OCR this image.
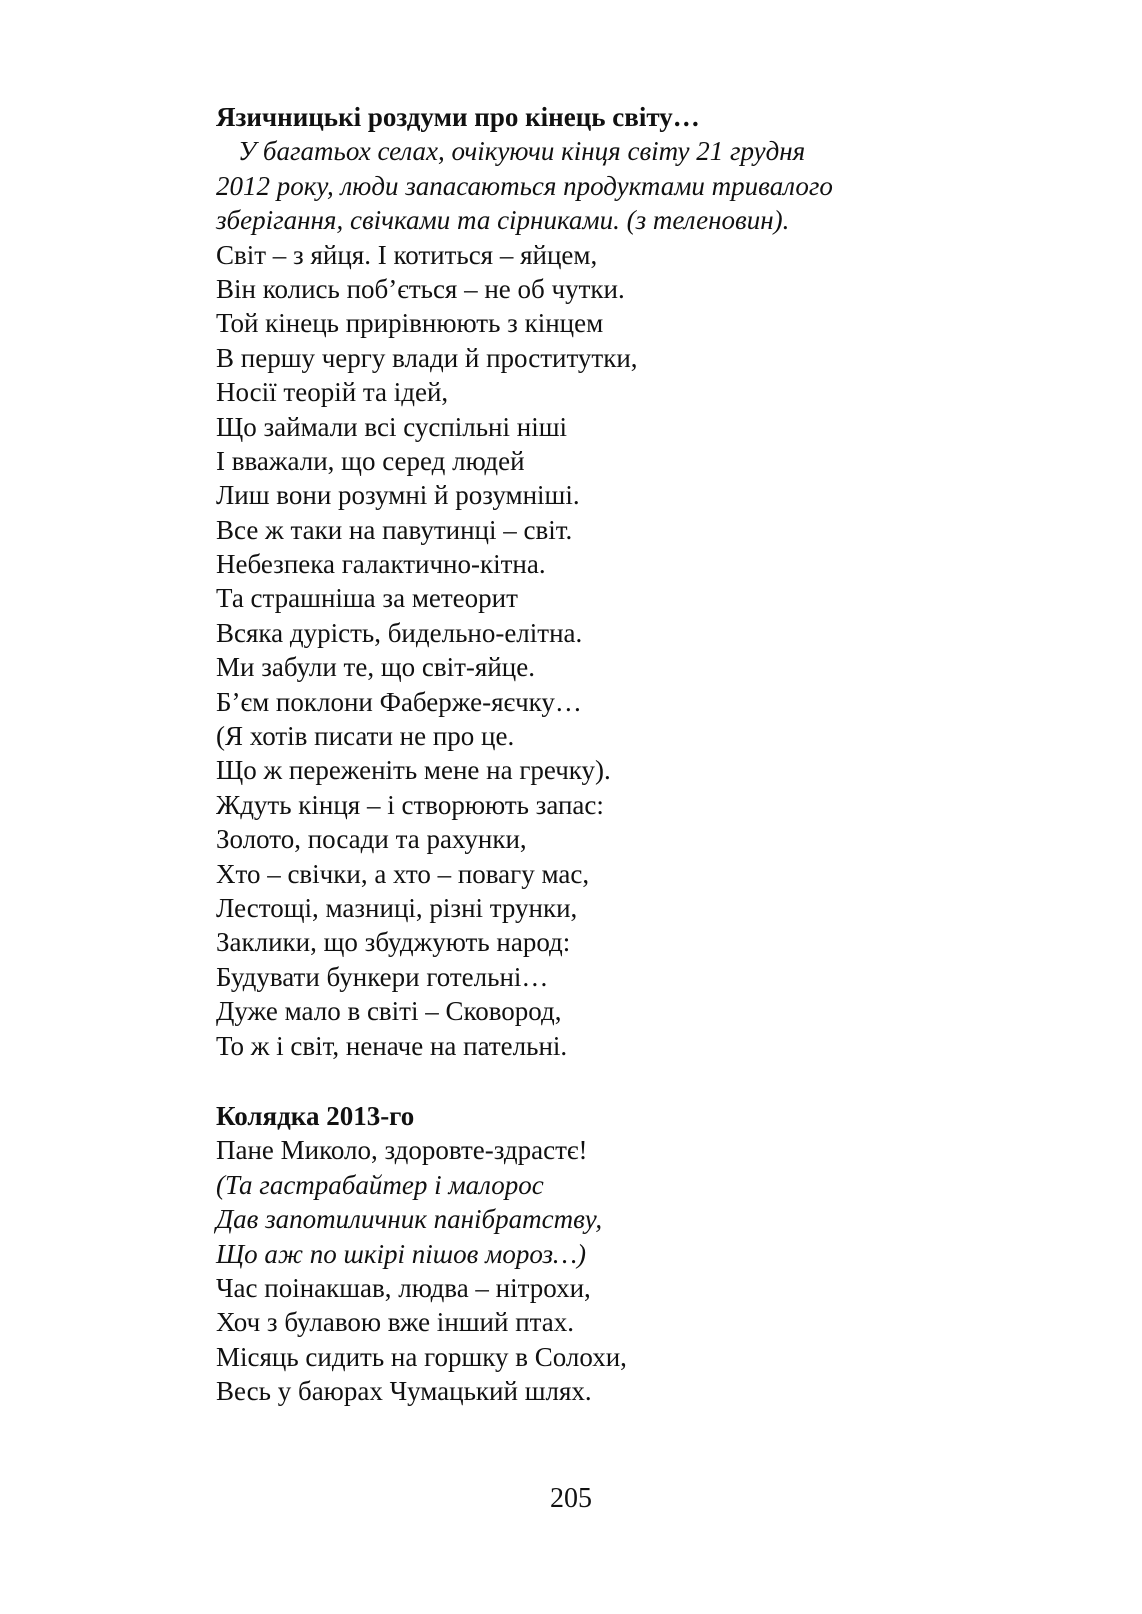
Язичницькі роздуми про кінець світу…
У багатьох селах, очікуючи кінця світу 21 грудня
2012 року, люди запасаються продуктами тривалого
зберігання, свічками та сірниками. (з теленовин).
Світ – з яйця. І котиться – яйцем,
Він колись поб’ється – не об чутки.
Той кінець прирівнюють з кінцем
В першу чергу влади й проститутки,
Носії теорій та ідей,
Що займали всі суспільні ніші
І вважали, що серед людей
Лиш вони розумні й розумніші.
Все ж таки на павутинці – світ.
Небезпека галактично-кітна.
Та страшніша за метеорит
Всяка дурість, бидельно-елітна.
Ми забули те, що світ-яйце.
Б’єм поклони Фаберже-яєчку…
(Я хотів писати не про це.
Що ж переженіть мене на гречку).
Ждуть кінця – і створюють запас:
Золото, посади та рахунки,
Хто – свічки, а хто – повагу мас,
Лестощі, мазниці, різні трунки,
Заклики, що збуджують народ:
Будувати бункери готельні…
Дуже мало в світі – Сковород,
То ж і світ, неначе на пательні.
Колядка 2013-го
Пане Миколо, здоровте-здрастє!
(Та гастрабайтер і малорос
Дав запотиличник панібратству,
Що аж по шкірі пішов мороз…)
Час поінакшав, людва – нітрохи,
Хоч з булавою вже інший птах.
Місяць сидить на горшку в Солохи,
Весь у баюрах Чумацький шлях.
205
